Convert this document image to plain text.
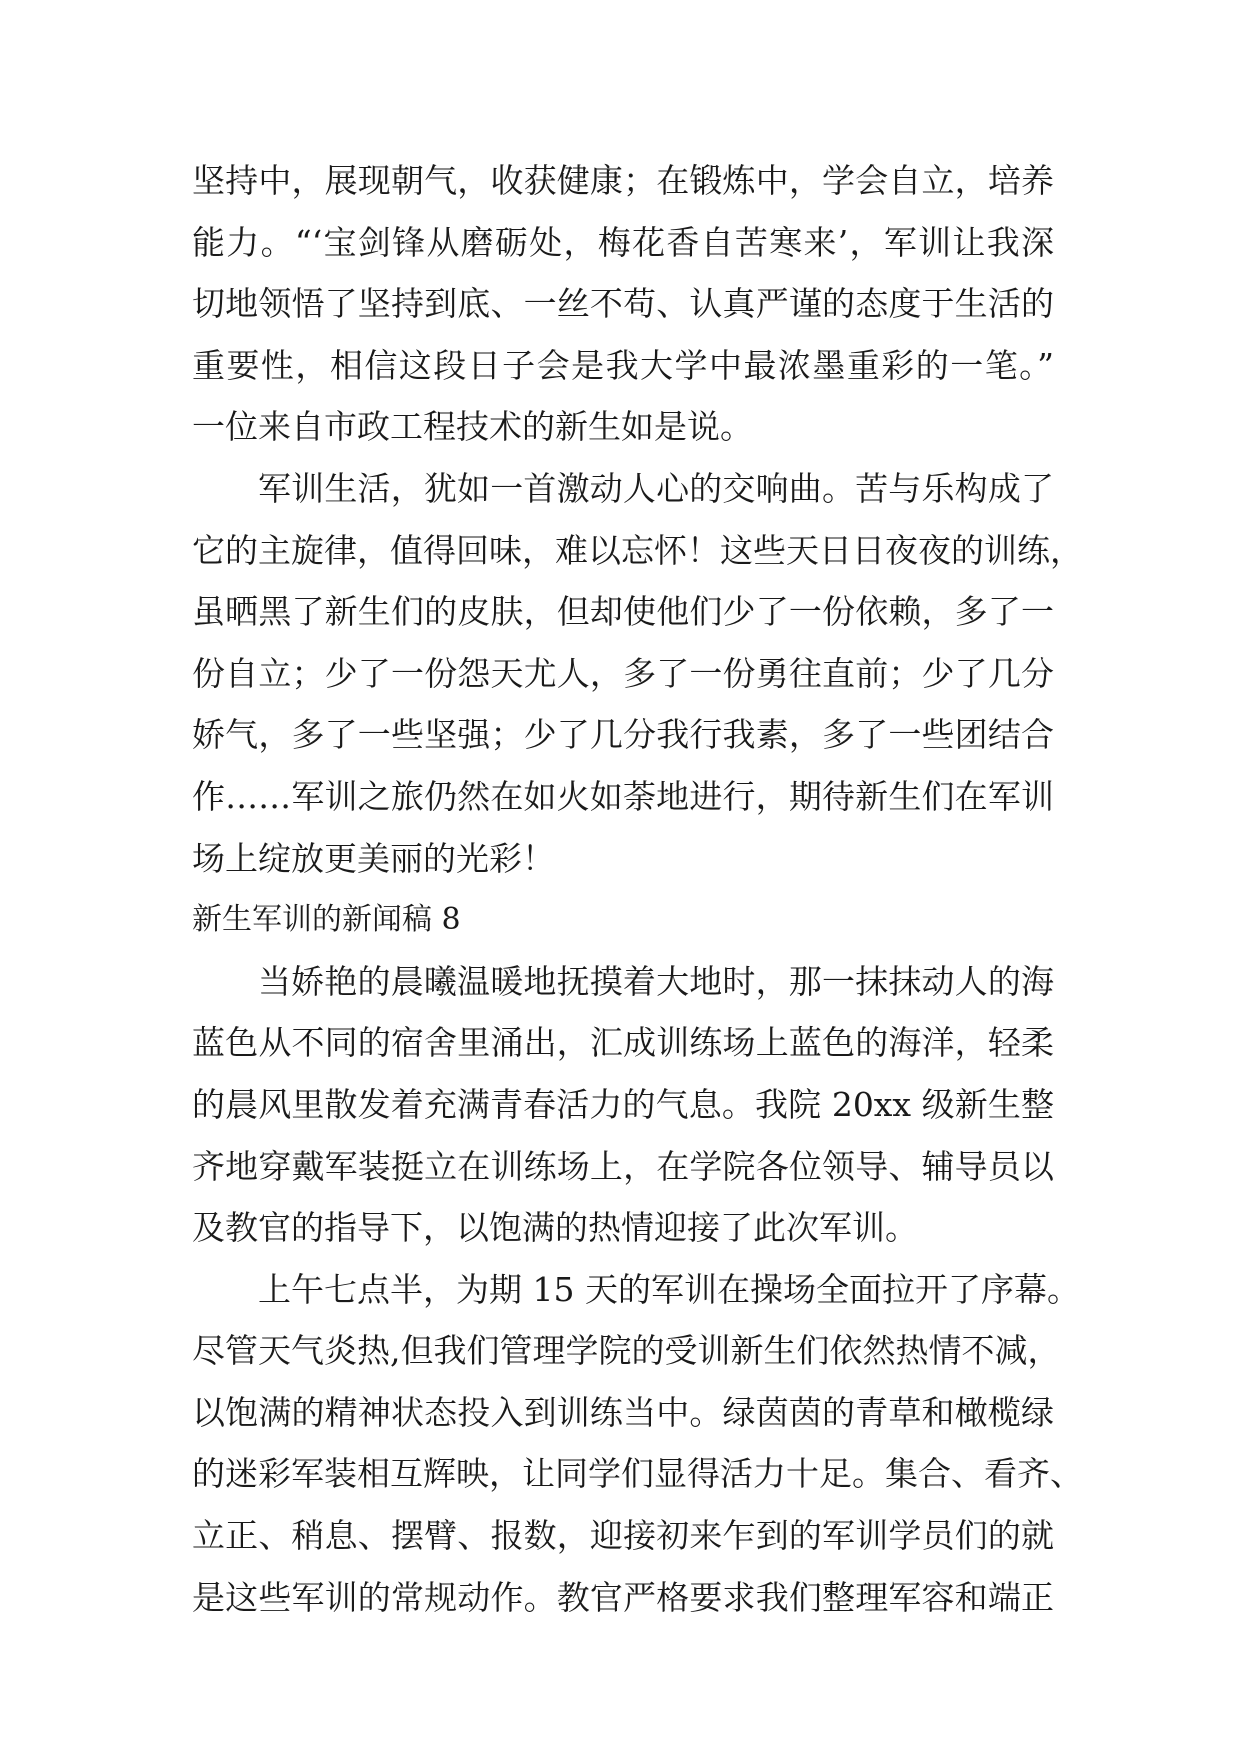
坚持中，展现朝气，收获健康；在锻炼中，学会自立，培养
能力。“‘宝剑锋从磨砺处，梅花香自苦寒来’，军训让我深
切地领悟了坚持到底、一丝不苟、认真严谨的态度于生活的
重要性，相信这段日子会是我大学中最浓墨重彩的一笔。”
一位来自市政工程技术的新生如是说。
军训生活，犹如一首激动人心的交响曲。苦与乐构成了
它的主旋律，值得回味，难以忘怀！这些天日日夜夜的训练，
虽晒黑了新生们的皮肤，但却使他们少了一份依赖，多了一
份自立；少了一份怨天尤人，多了一份勇往直前；少了几分
娇气，多了一些坚强；少了几分我行我素，多了一些团结合
作……军训之旅仍然在如火如荼地进行，期待新生们在军训
场上绽放更美丽的光彩！
新生军训的新闻稿 8
当娇艳的晨曦温暖地抚摸着大地时，那一抹抹动人的海
蓝色从不同的宿舍里涌出，汇成训练场上蓝色的海洋，轻柔
的晨风里散发着充满青春活力的气息。我院 20xx 级新生整
齐地穿戴军装挺立在训练场上，在学院各位领导、辅导员以
及教官的指导下，以饱满的热情迎接了此次军训。
上午七点半，为期 15 天的军训在操场全面拉开了序幕。
尽管天气炎热,但我们管理学院的受训新生们依然热情不减，
以饱满的精神状态投入到训练当中。绿茵茵的青草和橄榄绿
的迷彩军装相互辉映，让同学们显得活力十足。集合、看齐、
立正、稍息、摆臂、报数，迎接初来乍到的军训学员们的就
是这些军训的常规动作。教官严格要求我们整理军容和端正
